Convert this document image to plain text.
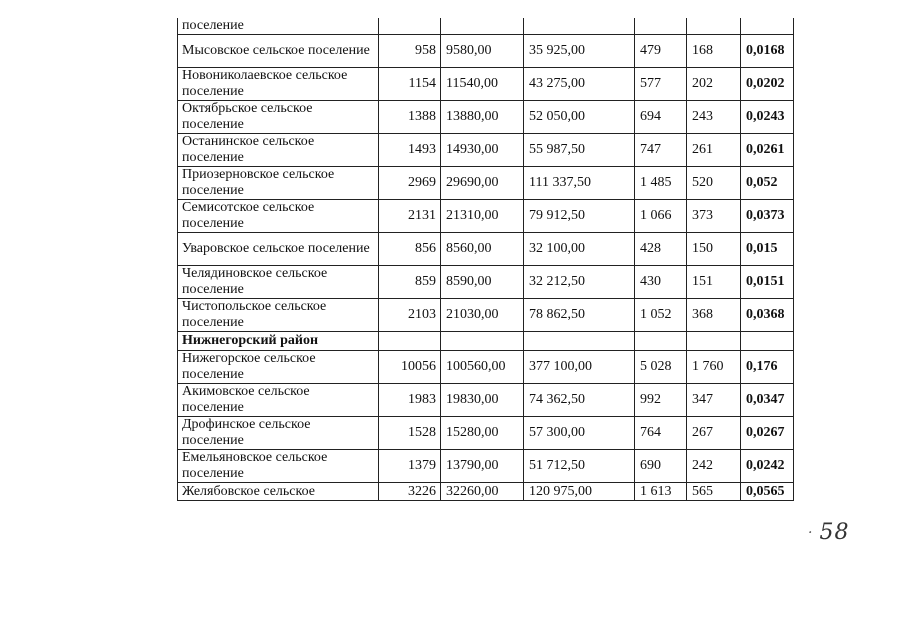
поселение						
Мысовское сельское поселение	958	9580,00	35 925,00	479	168	0,0168
Новониколаевское сельское поселение	1154	11540,00	43 275,00	577	202	0,0202
Октябрьское сельское поселение	1388	13880,00	52 050,00	694	243	0,0243
Останинское сельское поселение	1493	14930,00	55 987,50	747	261	0,0261
Приозерновское сельское поселение	2969	29690,00	111 337,50	1 485	520	0,052
Семисотское сельское поселение	2131	21310,00	79 912,50	1 066	373	0,0373
Уваровское сельское поселение	856	8560,00	32 100,00	428	150	0,015
Челядиновское сельское поселение	859	8590,00	32 212,50	430	151	0,0151
Чистопольское сельское поселение	2103	21030,00	78 862,50	1 052	368	0,0368
Нижнегорский район						
Нижегорское сельское поселение	10056	100560,00	377 100,00	5 028	1 760	0,176
Акимовское сельское поселение	1983	19830,00	74 362,50	992	347	0,0347
Дрофинское сельское поселение	1528	15280,00	57 300,00	764	267	0,0267
Емельяновское сельское поселение	1379	13790,00	51 712,50	690	242	0,0242
Желябовское сельское	3226	32260,00	120 975,00	1 613	565	0,0565
· 58
